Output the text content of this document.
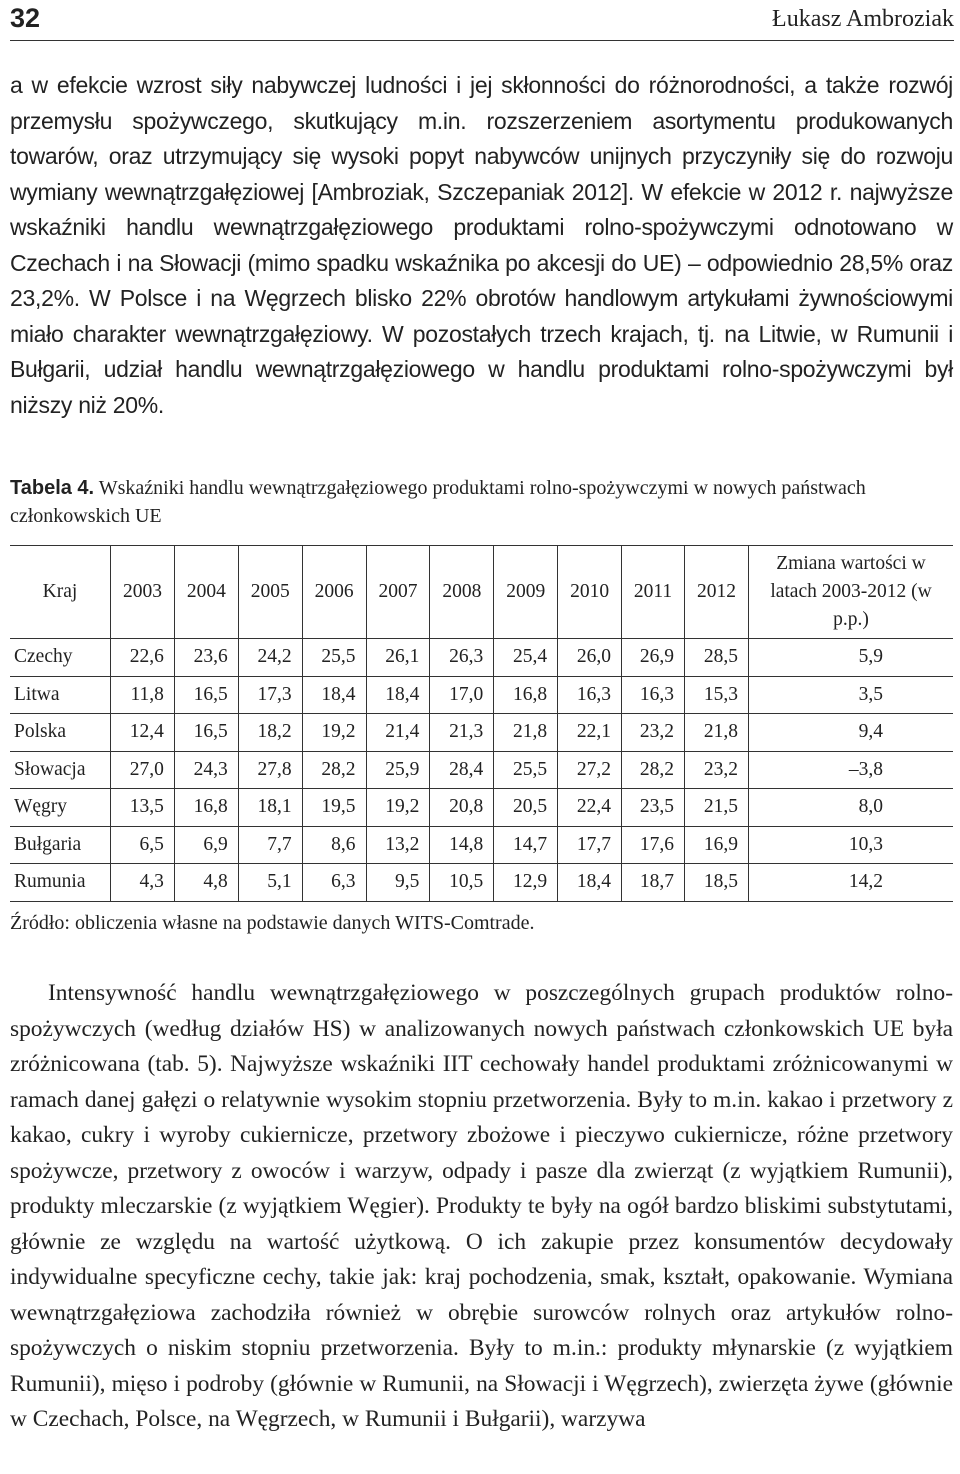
32	Łukasz Ambroziak

a w efekcie wzrost siły nabywczej ludności i jej skłonności do różnorodności, a także rozwój przemysłu spożywczego, skutkujący m.in. rozszerzeniem asortymentu produkowanych towarów, oraz utrzymujący się wysoki popyt nabywców unijnych przyczyniły się do rozwoju wymiany wewnątrzgałęziowej [Ambroziak, Szczepaniak 2012]. W efekcie w 2012 r. najwyższe wskaźniki handlu wewnątrzgałęziowego produktami rolno-spożywczymi odnotowano w Czechach i na Słowacji (mimo spadku wskaźnika po akcesji do UE) – odpowiednio 28,5% oraz 23,2%. W Polsce i na Węgrzech blisko 22% obrotów handlowym artykułami żywnościowymi miało charakter wewnątrzgałęziowy. W pozostałych trzech krajach, tj. na Litwie, w Rumunii i Bułgarii, udział handlu wewnątrzgałęziowego w handlu produktami rolno-spożywczymi był niższy niż 20%.

Tabela 4. Wskaźniki handlu wewnątrzgałęziowego produktami rolno-spożywczymi w nowych państwach członkowskich UE
Kraj	2003	2004	2005	2006	2007	2008	2009	2010	2011	2012	Zmiana wartości w latach 2003-2012 (w p.p.)
Czechy	22,6	23,6	24,2	25,5	26,1	26,3	25,4	26,0	26,9	28,5	5,9
Litwa	11,8	16,5	17,3	18,4	18,4	17,0	16,8	16,3	16,3	15,3	3,5
Polska	12,4	16,5	18,2	19,2	21,4	21,3	21,8	22,1	23,2	21,8	9,4
Słowacja	27,0	24,3	27,8	28,2	25,9	28,4	25,5	27,2	28,2	23,2	–3,8
Węgry	13,5	16,8	18,1	19,5	19,2	20,8	20,5	22,4	23,5	21,5	8,0
Bułgaria	6,5	6,9	7,7	8,6	13,2	14,8	14,7	17,7	17,6	16,9	10,3
Rumunia	4,3	4,8	5,1	6,3	9,5	10,5	12,9	18,4	18,7	18,5	14,2
Źródło: obliczenia własne na podstawie danych WITS-Comtrade.

Intensywność handlu wewnątrzgałęziowego w poszczególnych grupach produktów rolno-spożywczych (według działów HS) w analizowanych nowych państwach członkowskich UE była zróżnicowana (tab. 5). Najwyższe wskaźniki IIT cechowały handel produktami zróżnicowanymi w ramach danej gałęzi o relatywnie wysokim stopniu przetworzenia. Były to m.in. kakao i przetwory z kakao, cukry i wyroby cukiernicze, przetwory zbożowe i pieczywo cukiernicze, różne przetwory spożywcze, przetwory z owoców i warzyw, odpady i pasze dla zwierząt (z wyjątkiem Rumunii), produkty mleczarskie (z wyjątkiem Węgier). Produkty te były na ogół bardzo bliskimi substytutami, głównie ze względu na wartość użytkową. O ich zakupie przez konsumentów decydowały indywidualne specyficzne cechy, takie jak: kraj pochodzenia, smak, kształt, opakowanie. Wymiana wewnątrzgałęziowa zachodziła również w obrębie surowców rolnych oraz artykułów rolno-spożywczych o niskim stopniu przetworzenia. Były to m.in.: produkty młynarskie (z wyjątkiem Rumunii), mięso i podroby (głównie w Rumunii, na Słowacji i Węgrzech), zwierzęta żywe (głównie w Czechach, Polsce, na Węgrzech, w Rumunii i Bułgarii), warzywa
